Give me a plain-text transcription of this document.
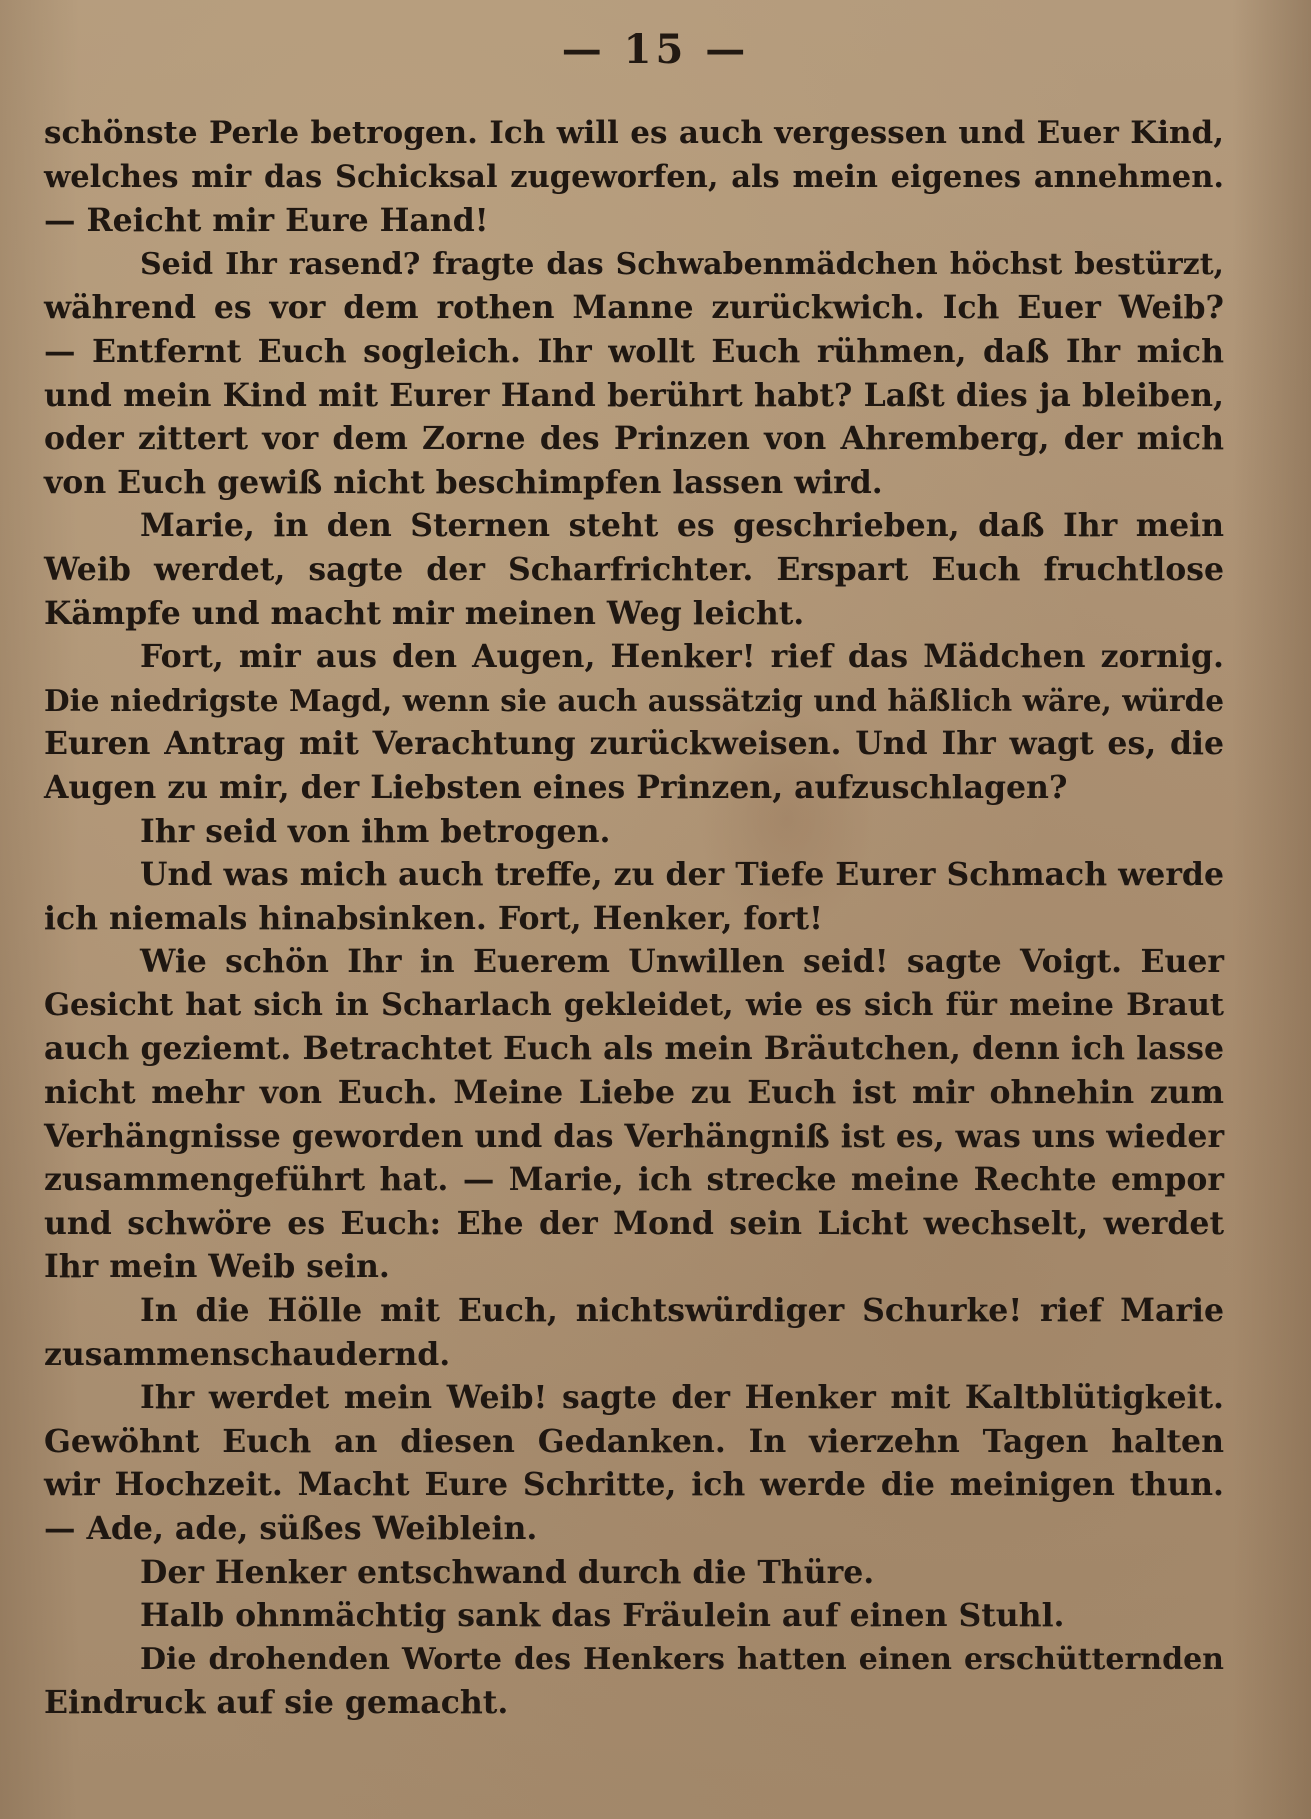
— 15 —
schönste Perle betrogen. Ich will es auch vergessen und Euer Kind,
welches mir das Schicksal zugeworfen, als mein eigenes annehmen.
— Reicht mir Eure Hand!
Seid Ihr rasend? fragte das Schwabenmädchen höchst bestürzt,
während es vor dem rothen Manne zurückwich. Ich Euer Weib?
— Entfernt Euch sogleich. Ihr wollt Euch rühmen, daß Ihr mich
und mein Kind mit Eurer Hand berührt habt? Laßt dies ja bleiben,
oder zittert vor dem Zorne des Prinzen von Ahremberg, der mich
von Euch gewiß nicht beschimpfen lassen wird.
Marie, in den Sternen steht es geschrieben, daß Ihr mein
Weib werdet, sagte der Scharfrichter. Erspart Euch fruchtlose
Kämpfe und macht mir meinen Weg leicht.
Fort, mir aus den Augen, Henker! rief das Mädchen zornig.
Die niedrigste Magd, wenn sie auch aussätzig und häßlich wäre, würde
Euren Antrag mit Verachtung zurückweisen. Und Ihr wagt es, die
Augen zu mir, der Liebsten eines Prinzen, aufzuschlagen?
Ihr seid von ihm betrogen.
Und was mich auch treffe, zu der Tiefe Eurer Schmach werde
ich niemals hinabsinken. Fort, Henker, fort!
Wie schön Ihr in Euerem Unwillen seid! sagte Voigt. Euer
Gesicht hat sich in Scharlach gekleidet, wie es sich für meine Braut
auch geziemt. Betrachtet Euch als mein Bräutchen, denn ich lasse
nicht mehr von Euch. Meine Liebe zu Euch ist mir ohnehin zum
Verhängnisse geworden und das Verhängniß ist es, was uns wieder
zusammengeführt hat. — Marie, ich strecke meine Rechte empor
und schwöre es Euch: Ehe der Mond sein Licht wechselt, werdet
Ihr mein Weib sein.
In die Hölle mit Euch, nichtswürdiger Schurke! rief Marie
zusammenschaudernd.
Ihr werdet mein Weib! sagte der Henker mit Kaltblütigkeit.
Gewöhnt Euch an diesen Gedanken. In vierzehn Tagen halten
wir Hochzeit. Macht Eure Schritte, ich werde die meinigen thun.
— Ade, ade, süßes Weiblein.
Der Henker entschwand durch die Thüre.
Halb ohnmächtig sank das Fräulein auf einen Stuhl.
Die drohenden Worte des Henkers hatten einen erschütternden
Eindruck auf sie gemacht.
